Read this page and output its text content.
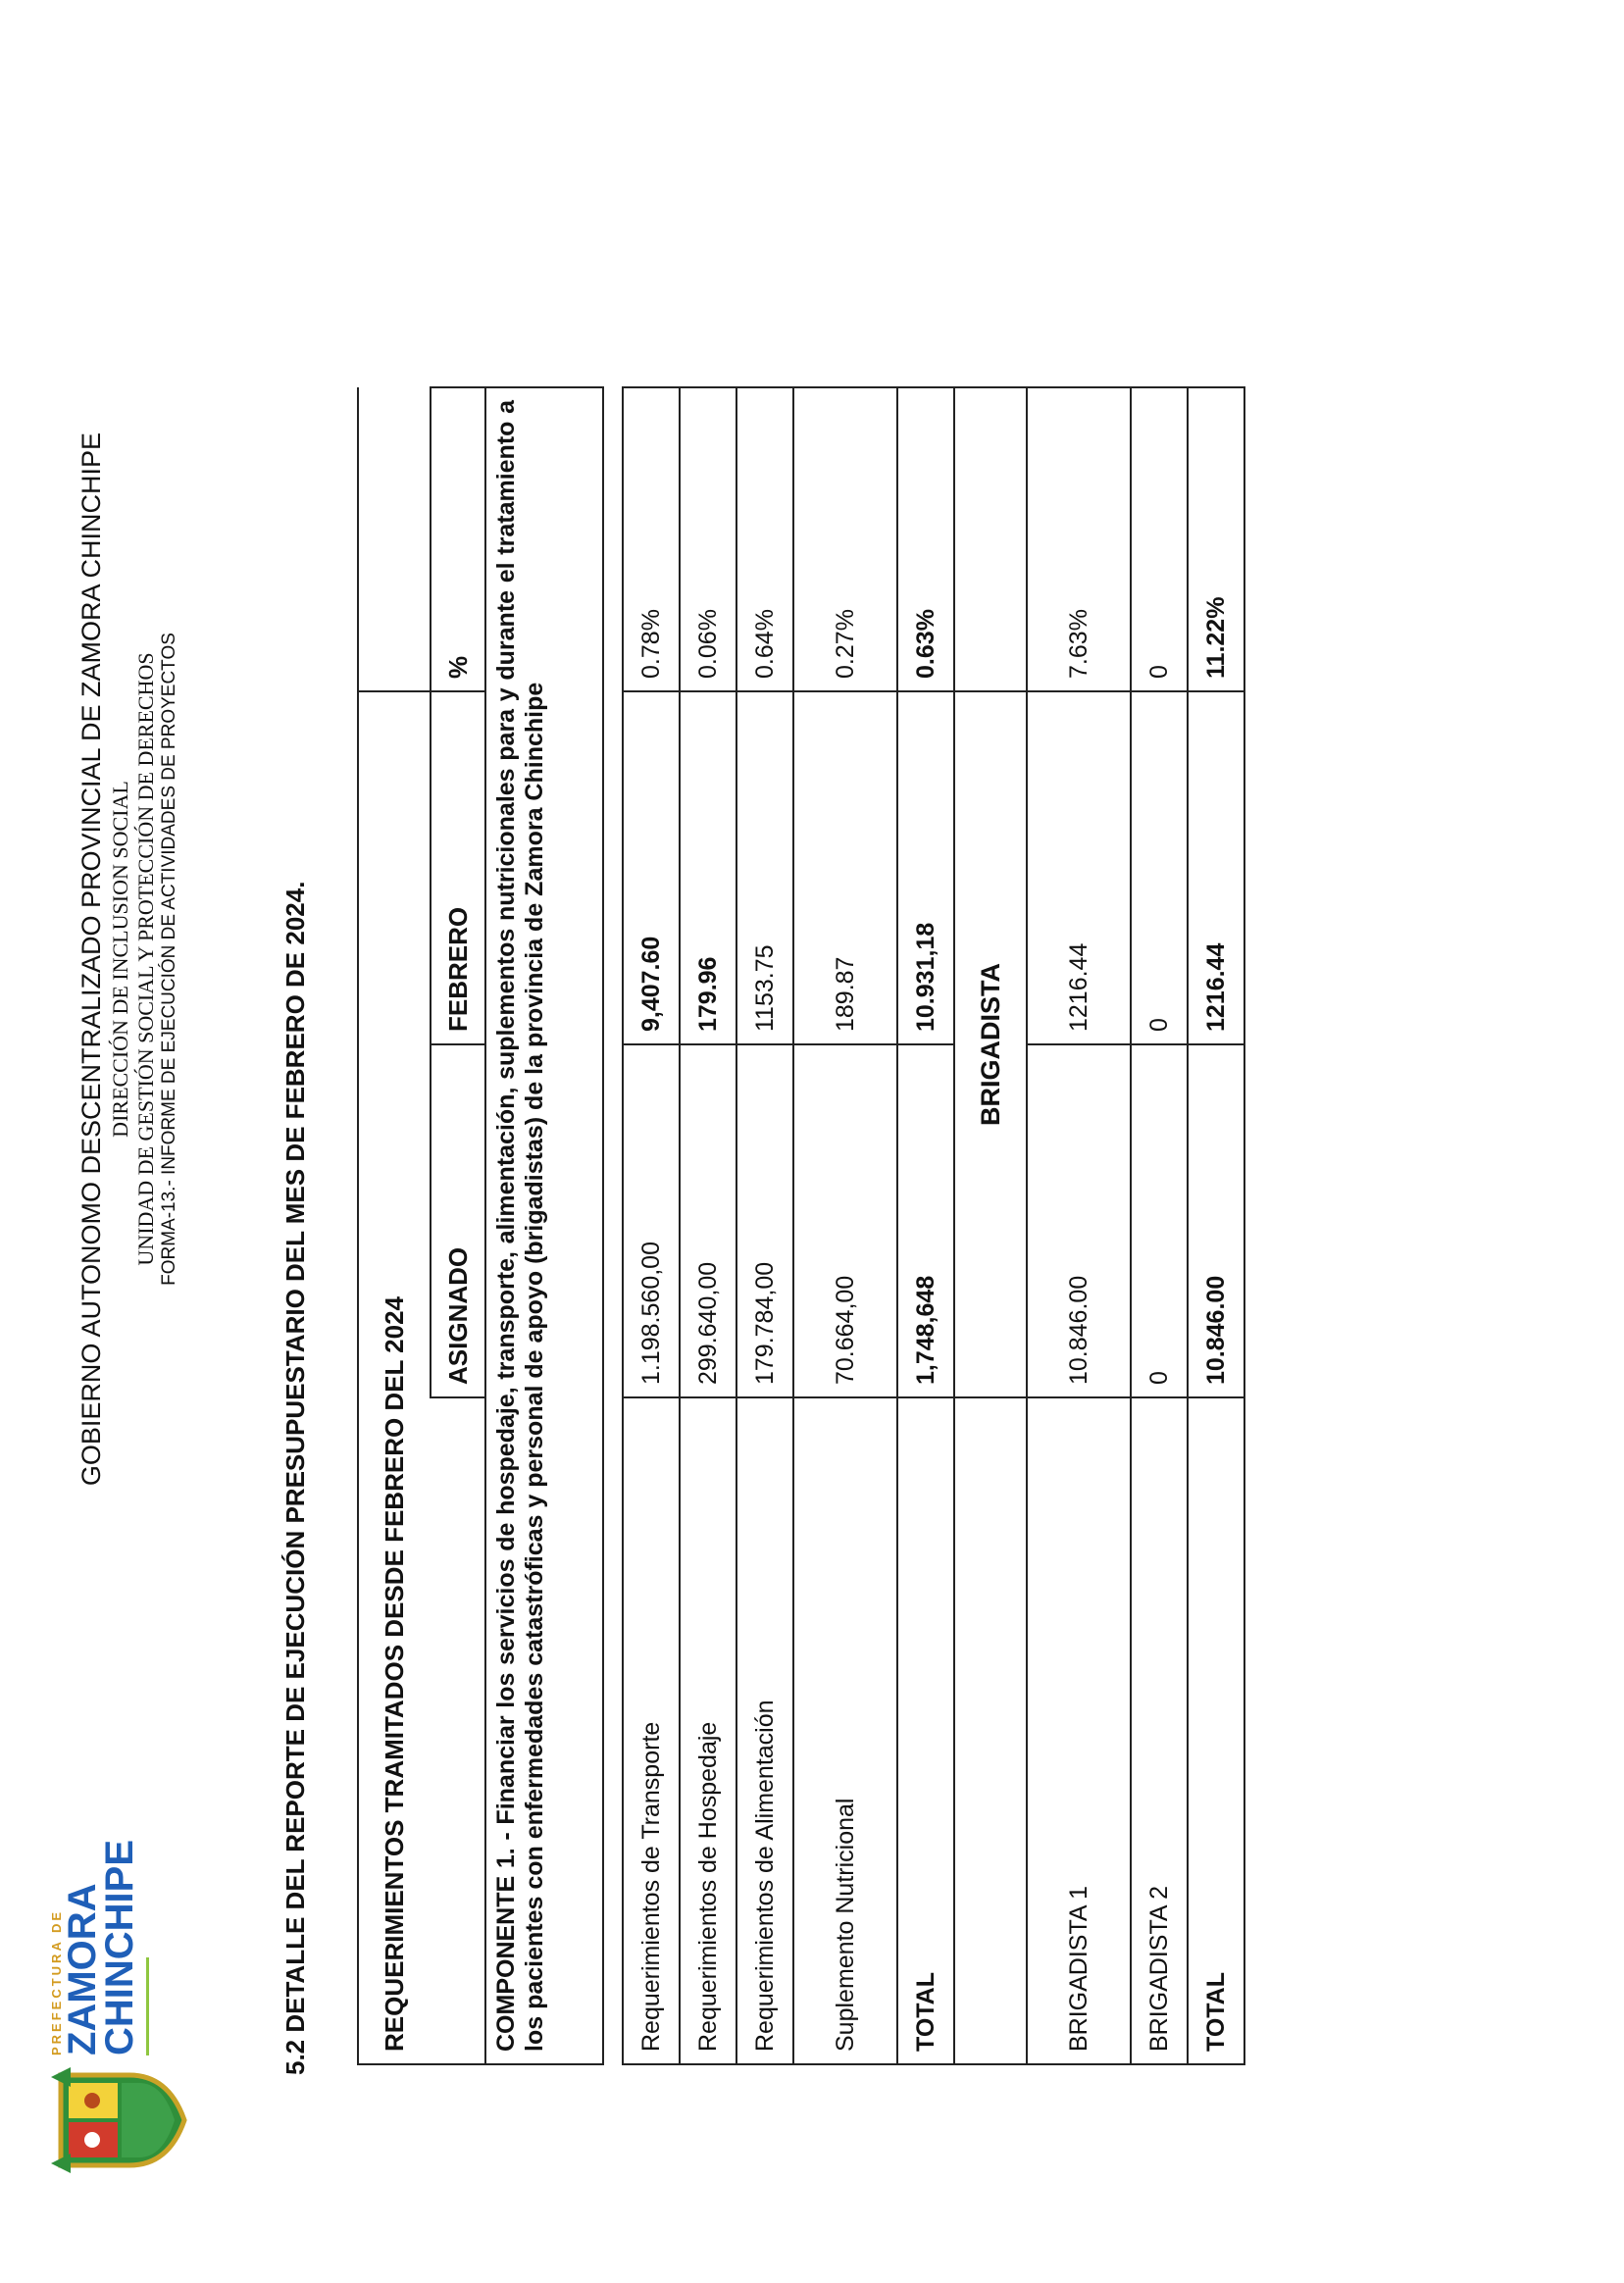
PREFECTURA DE
ZAMORA
CHINCHIPE
GOBIERNO AUTONOMO DESCENTRALIZADO PROVINCIAL DE ZAMORA CHINCHIPE DIRECCIÓN DE INCLUSION SOCIAL UNIDAD DE GESTIÓN SOCIAL Y PROTECCIÓN DE DERECHOS FORMA-13.- INFORME DE EJECUCIÓN DE ACTIVIDADES DE PROYECTOS	5.2 DETALLE DEL REPORTE DE EJECUCIÓN PRESUPUESTARIO DEL MES DE FEBRERO DE 2024.	REQUERIMIENTOS TRAMITADOS DESDE FEBRERO DEL 2024			
	ASIGNADO	FEBRERO	%
COMPONENTE 1. - Financiar los servicios de hospedaje, transporte, alimentación, suplementos nutricionales para y durante el tratamiento a los pacientes con enfermedades catastróficas y personal de apoyo (brigadistas) de la provincia de Zamora Chinchipe			

Requerimientos de Transporte	1.198.560,00	9,407.60	0.78%
Requerimientos de Hospedaje	299.640,00	179.96	0.06%
Requerimientos de Alimentación	179.784,00	1153.75	0.64%
Suplemento Nutricional	70.664,00	189.87	0.27%
TOTAL	1,748,648	10.931,18	0.63%
	BRIGADISTA		
BRIGADISTA 1	10.846.00	1216.44	7.63%
BRIGADISTA 2	0	0	0
TOTAL	10.846.00	1216.44	11.22%
